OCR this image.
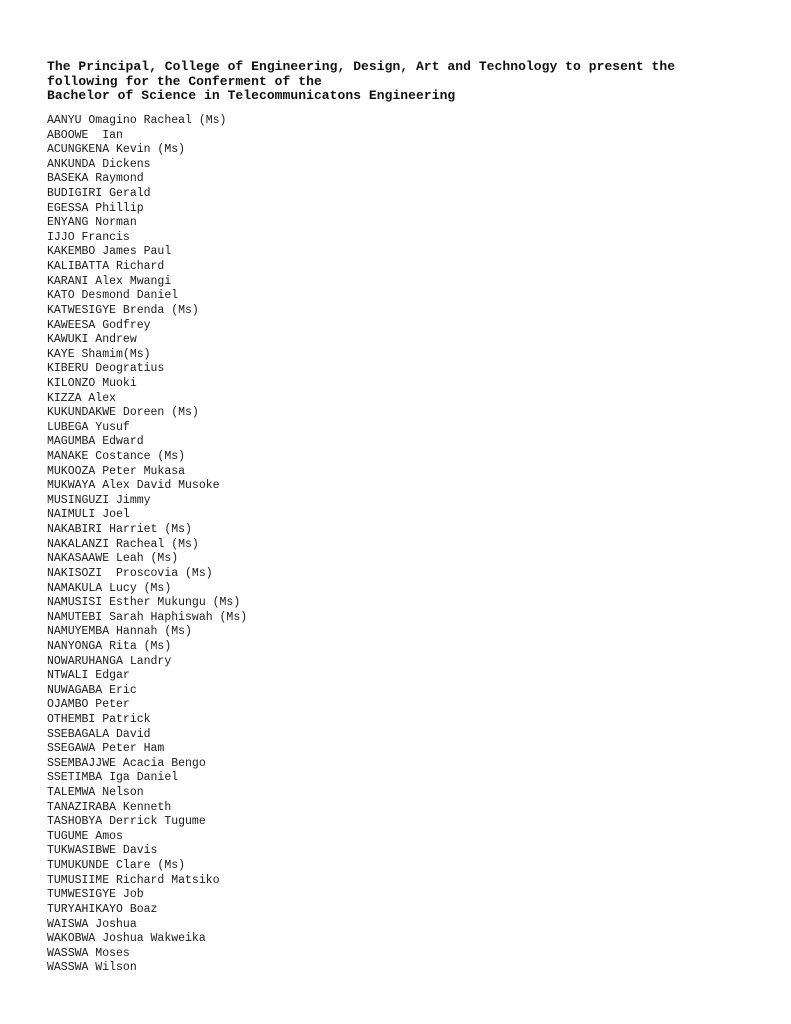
The Principal, College of Engineering, Design, Art and Technology to present the
following for the Conferment of the
Bachelor of Science in Telecommunicatons Engineering
AANYU Omagino Racheal (Ms)
ABOOWE  Ian
ACUNGKENA Kevin (Ms)
ANKUNDA Dickens
BASEKA Raymond
BUDIGIRI Gerald
EGESSA Phillip
ENYANG Norman
IJJO Francis
KAKEMBO James Paul
KALIBATTA Richard
KARANI Alex Mwangi
KATO Desmond Daniel
KATWESIGYE Brenda (Ms)
KAWEESA Godfrey
KAWUKI Andrew
KAYE Shamim(Ms)
KIBERU Deogratius
KILONZO Muoki
KIZZA Alex
KUKUNDAKWE Doreen (Ms)
LUBEGA Yusuf
MAGUMBA Edward
MANAKE Costance (Ms)
MUKOOZA Peter Mukasa
MUKWAYA Alex David Musoke
MUSINGUZI Jimmy
NAIMULI Joel
NAKABIRI Harriet (Ms)
NAKALANZI Racheal (Ms)
NAKASAAWE Leah (Ms)
NAKISOZI  Proscovia (Ms)
NAMAKULA Lucy (Ms)
NAMUSISI Esther Mukungu (Ms)
NAMUTEBI Sarah Haphiswah (Ms)
NAMUYEMBA Hannah (Ms)
NANYONGA Rita (Ms)
NOWARUHANGA Landry
NTWALI Edgar
NUWAGABA Eric
OJAMBO Peter
OTHEMBI Patrick
SSEBAGALA David
SSEGAWA Peter Ham
SSEMBAJJWE Acacia Bengo
SSETIMBA Iga Daniel
TALEMWA Nelson
TANAZIRABA Kenneth
TASHOBYA Derrick Tugume
TUGUME Amos
TUKWASIBWE Davis
TUMUKUNDE Clare (Ms)
TUMUSIIME Richard Matsiko
TUMWESIGYE Job
TURYAHIKAYO Boaz
WAISWA Joshua
WAKOBWA Joshua Wakweika
WASSWA Moses
WASSWA Wilson
